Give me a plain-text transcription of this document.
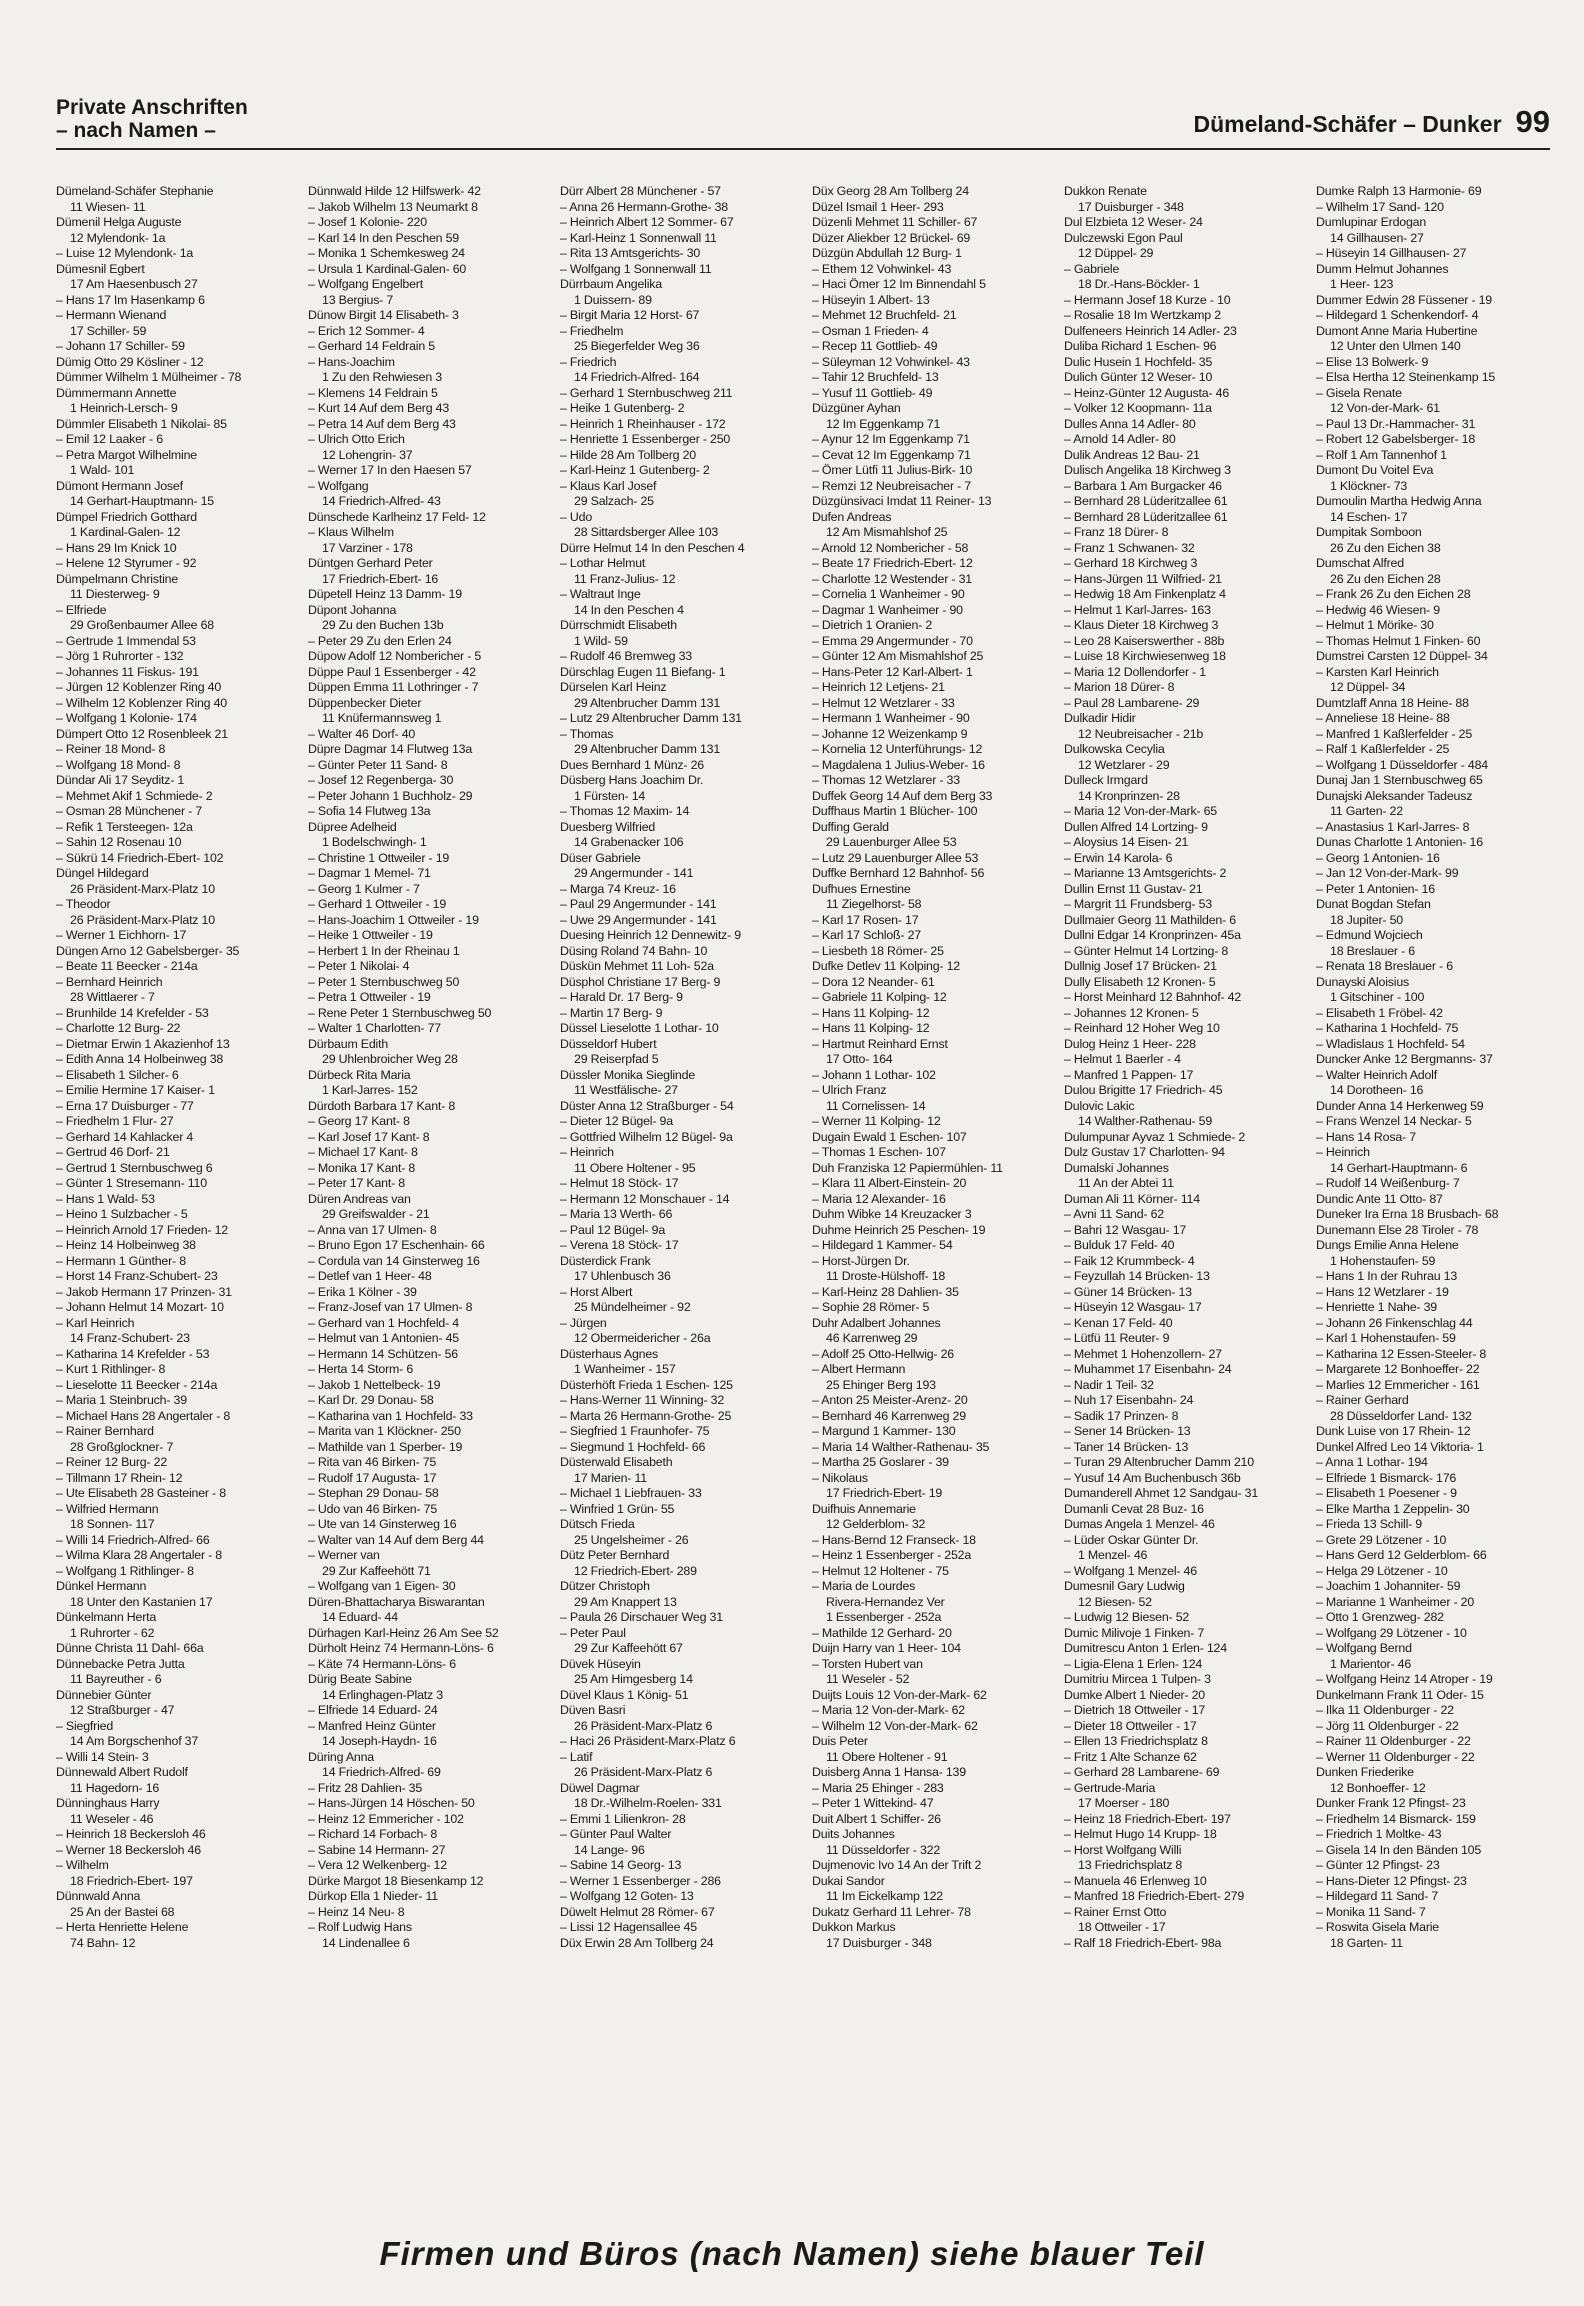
Private Anschriften
– nach Namen –	Dümeland-Schäfer – Dunker 99
Dümeland-Schäfer Stephanie
11 Wiesen- 11
Dümenil Helga Auguste
12 Mylendonk- 1a
– Luise 12 Mylendonk- 1a
Dümesnil Egbert
17 Am Haesenbusch 27
– Hans 17 Im Hasenkamp 6
– Hermann Wienand
17 Schiller- 59
– Johann 17 Schiller- 59
Dümig Otto 29 Kösliner - 12
Dümmer Wilhelm 1 Mülheimer - 78
Dümmermann Annette
1 Heinrich-Lersch- 9
Dümmler Elisabeth 1 Nikolai- 85
– Emil 12 Laaker - 6
– Petra Margot Wilhelmine
1 Wald- 101
Dümont Hermann Josef
14 Gerhart-Hauptmann- 15
Dümpel Friedrich Gotthard
1 Kardinal-Galen- 12
– Hans 29 Im Knick 10
– Helene 12 Styrumer - 92
Dümpelmann Christine
11 Diesterweg- 9
– Elfriede
29 Großenbaumer Allee 68
– Gertrude 1 Immendal 53
– Jörg 1 Ruhrorter - 132
– Johannes 11 Fiskus- 191
– Jürgen 12 Koblenzer Ring 40
– Wilhelm 12 Koblenzer Ring 40
– Wolfgang 1 Kolonie- 174
Dümpert Otto 12 Rosenbleek 21
– Reiner 18 Mond- 8
– Wolfgang 18 Mond- 8
Dündar Ali 17 Seyditz- 1
– Mehmet Akif 1 Schmiede- 2
– Osman 28 Münchener - 7
– Refik 1 Tersteegen- 12a
– Sahin 12 Rosenau 10
– Sükrü 14 Friedrich-Ebert- 102
Düngel Hildegard
26 Präsident-Marx-Platz 10
– Theodor
26 Präsident-Marx-Platz 10
– Werner 1 Eichhorn- 17
Düngen Arno 12 Gabelsberger- 35
– Beate 11 Beecker - 214a
– Bernhard Heinrich
28 Wittlaerer - 7
– Brunhilde 14 Krefelder - 53
– Charlotte 12 Burg- 22
– Dietmar Erwin 1 Akazienhof 13
– Edith Anna 14 Holbeinweg 38
– Elisabeth 1 Silcher- 6
– Emilie Hermine 17 Kaiser- 1
– Erna 17 Duisburger - 77
– Friedhelm 1 Flur- 27
– Gerhard 14 Kahlacker 4
– Gertrud 46 Dorf- 21
– Gertrud 1 Sternbuschweg 6
– Günter 1 Stresemann- 110
– Hans 1 Wald- 53
– Heino 1 Sulzbacher - 5
– Heinrich Arnold 17 Frieden- 12
– Heinz 14 Holbeinweg 38
– Hermann 1 Günther- 8
– Horst 14 Franz-Schubert- 23
– Jakob Hermann 17 Prinzen- 31
– Johann Helmut 14 Mozart- 10
– Karl Heinrich
14 Franz-Schubert- 23
– Katharina 14 Krefelder - 53
– Kurt 1 Rithlinger- 8
– Lieselotte 11 Beecker - 214a
– Maria 1 Steinbruch- 39
– Michael Hans 28 Angertaler - 8
– Rainer Bernhard
28 Großglockner- 7
– Reiner 12 Burg- 22
– Tillmann 17 Rhein- 12
– Ute Elisabeth 28 Gasteiner - 8
– Wilfried Hermann
18 Sonnen- 117
– Willi 14 Friedrich-Alfred- 66
– Wilma Klara 28 Angertaler - 8
– Wolfgang 1 Rithlinger- 8
Dünkel Hermann
18 Unter den Kastanien 17
Dünkelmann Herta
1 Ruhrorter - 62
Dünne Christa 11 Dahl- 66a
Dünnebacke Petra Jutta
11 Bayreuther - 6
Dünnebier Günter
12 Straßburger - 47
– Siegfried
14 Am Borgschenhof 37
– Willi 14 Stein- 3
Dünnewald Albert Rudolf
11 Hagedorn- 16
Dünninghaus Harry
11 Weseler - 46
– Heinrich 18 Beckersloh 46
– Werner 18 Beckersloh 46
– Wilhelm
18 Friedrich-Ebert- 197
Dünnwald Anna
25 An der Bastei 68
– Herta Henriette Helene
74 Bahn- 12
Dünnwald Hilde 12 Hilfswerk- 42
– Jakob Wilhelm 13 Neumarkt 8
– Josef 1 Kolonie- 220
– Karl 14 In den Peschen 59
– Monika 1 Schemkesweg 24
– Ursula 1 Kardinal-Galen- 60
– Wolfgang Engelbert
13 Bergius- 7
Dünow Birgit 14 Elisabeth- 3
– Erich 12 Sommer- 4
– Gerhard 14 Feldrain 5
– Hans-Joachim
1 Zu den Rehwiesen 3
– Klemens 14 Feldrain 5
– Kurt 14 Auf dem Berg 43
– Petra 14 Auf dem Berg 43
– Ulrich Otto Erich
12 Lohengrin- 37
– Werner 17 In den Haesen 57
– Wolfgang
14 Friedrich-Alfred- 43
Dünschede Karlheinz 17 Feld- 12
– Klaus Wilhelm
17 Varziner - 178
Düntgen Gerhard Peter
17 Friedrich-Ebert- 16
Düpetell Heinz 13 Damm- 19
Düpont Johanna
29 Zu den Buchen 13b
– Peter 29 Zu den Erlen 24
Düpow Adolf 12 Nombericher - 5
Düppe Paul 1 Essenberger - 42
Düppen Emma 11 Lothringer - 7
Düppenbecker Dieter
11 Knüfermannsweg 1
– Walter 46 Dorf- 40
Düpre Dagmar 14 Flutweg 13a
– Günter Peter 11 Sand- 8
– Josef 12 Regenberga- 30
– Peter Johann 1 Buchholz- 29
– Sofia 14 Flutweg 13a
Düpree Adelheid
1 Bodelschwingh- 1
– Christine 1 Ottweiler - 19
– Dagmar 1 Memel- 71
– Georg 1 Kulmer - 7
– Gerhard 1 Ottweiler - 19
– Hans-Joachim 1 Ottweiler - 19
– Heike 1 Ottweiler - 19
– Herbert 1 In der Rheinau 1
– Peter 1 Nikolai- 4
– Peter 1 Sternbuschweg 50
– Petra 1 Ottweiler - 19
– Rene Peter 1 Sternbuschweg 50
– Walter 1 Charlotten- 77
Dürbaum Edith
29 Uhlenbroicher Weg 28
Dürbeck Rita Maria
1 Karl-Jarres- 152
Dürdoth Barbara 17 Kant- 8
– Georg 17 Kant- 8
– Karl Josef 17 Kant- 8
– Michael 17 Kant- 8
– Monika 17 Kant- 8
– Peter 17 Kant- 8
Düren Andreas van
29 Greifswalder - 21
– Anna van 17 Ulmen- 8
– Bruno Egon 17 Eschenhain- 66
– Cordula van 14 Ginsterweg 16
– Detlef van 1 Heer- 48
– Erika 1 Kölner - 39
– Franz-Josef van 17 Ulmen- 8
– Gerhard van 1 Hochfeld- 4
– Helmut van 1 Antonien- 45
– Hermann 14 Schützen- 56
– Herta 14 Storm- 6
– Jakob 1 Nettelbeck- 19
– Karl Dr. 29 Donau- 58
– Katharina van 1 Hochfeld- 33
– Marita van 1 Klöckner- 250
– Mathilde van 1 Sperber- 19
– Rita van 46 Birken- 75
– Rudolf 17 Augusta- 17
– Stephan 29 Donau- 58
– Udo van 46 Birken- 75
– Ute van 14 Ginsterweg 16
– Walter van 14 Auf dem Berg 44
– Werner van
29 Zur Kaffeehött 71
– Wolfgang van 1 Eigen- 30
Düren-Bhattacharya Biswarantan
14 Eduard- 44
Dürhagen Karl-Heinz 26 Am See 52
Dürholt Heinz 74 Hermann-Löns- 6
– Käte 74 Hermann-Löns- 6
Dürig Beate Sabine
14 Erlinghagen-Platz 3
– Elfriede 14 Eduard- 24
– Manfred Heinz Günter
14 Joseph-Haydn- 16
Düring Anna
14 Friedrich-Alfred- 69
– Fritz 28 Dahlien- 35
– Hans-Jürgen 14 Höschen- 50
– Heinz 12 Emmericher - 102
– Richard 14 Forbach- 8
– Sabine 14 Hermann- 27
– Vera 12 Welkenberg- 12
Dürke Margot 18 Biesenkamp 12
Dürkop Ella 1 Nieder- 11
– Heinz 14 Neu- 8
– Rolf Ludwig Hans
14 Lindenallee 6
Dürr Albert 28 Münchener - 57
– Anna 26 Hermann-Grothe- 38
– Heinrich Albert 12 Sommer- 67
– Karl-Heinz 1 Sonnenwall 11
– Rita 13 Amtsgerichts- 30
– Wolfgang 1 Sonnenwall 11
Dürrbaum Angelika
1 Duissern- 89
– Birgit Maria 12 Horst- 67
– Friedhelm
25 Biegerfelder Weg 36
– Friedrich
14 Friedrich-Alfred- 164
– Gerhard 1 Sternbuschweg 211
– Heike 1 Gutenberg- 2
– Heinrich 1 Rheinhauser - 172
– Henriette 1 Essenberger - 250
– Hilde 28 Am Tollberg 20
– Karl-Heinz 1 Gutenberg- 2
– Klaus Karl Josef
29 Salzach- 25
– Udo
28 Sittardsberger Allee 103
Dürre Helmut 14 In den Peschen 4
– Lothar Helmut
11 Franz-Julius- 12
– Waltraut Inge
14 In den Peschen 4
Dürrschmidt Elisabeth
1 Wild- 59
– Rudolf 46 Bremweg 33
Dürschlag Eugen 11 Biefang- 1
Dürselen Karl Heinz
29 Altenbrucher Damm 131
– Lutz 29 Altenbrucher Damm 131
– Thomas
29 Altenbrucher Damm 131
Dues Bernhard 1 Münz- 26
Düsberg Hans Joachim Dr.
1 Fürsten- 14
– Thomas 12 Maxim- 14
Duesberg Wilfried
14 Grabenacker 106
Düser Gabriele
29 Angermunder - 141
– Marga 74 Kreuz- 16
– Paul 29 Angermunder - 141
– Uwe 29 Angermunder - 141
Duesing Heinrich 12 Dennewitz- 9
Düsing Roland 74 Bahn- 10
Düskün Mehmet 11 Loh- 52a
Düsphol Christiane 17 Berg- 9
– Harald Dr. 17 Berg- 9
– Martin 17 Berg- 9
Düssel Lieselotte 1 Lothar- 10
Düsseldorf Hubert
29 Reiserpfad 5
Düssler Monika Sieglinde
11 Westfälische- 27
Düster Anna 12 Straßburger - 54
– Dieter 12 Bügel- 9a
– Gottfried Wilhelm 12 Bügel- 9a
– Heinrich
11 Obere Holtener - 95
– Helmut 18 Stöck- 17
– Hermann 12 Monschauer - 14
– Maria 13 Werth- 66
– Paul 12 Bügel- 9a
– Verena 18 Stöck- 17
Düsterdick Frank
17 Uhlenbusch 36
– Horst Albert
25 Mündelheimer - 92
– Jürgen
12 Obermeidericher - 26a
Düsterhaus Agnes
1 Wanheimer - 157
Düsterhöft Frieda 1 Eschen- 125
– Hans-Werner 11 Winning- 32
– Marta 26 Hermann-Grothe- 25
– Siegfried 1 Fraunhofer- 75
– Siegmund 1 Hochfeld- 66
Düsterwald Elisabeth
17 Marien- 11
– Michael 1 Liebfrauen- 33
– Winfried 1 Grün- 55
Dütsch Frieda
25 Ungelsheimer - 26
Dütz Peter Bernhard
12 Friedrich-Ebert- 289
Dützer Christoph
29 Am Knappert 13
– Paula 26 Dirschauer Weg 31
– Peter Paul
29 Zur Kaffeehött 67
Düvek Hüseyin
25 Am Himgesberg 14
Düvel Klaus 1 König- 51
Düven Basri
26 Präsident-Marx-Platz 6
– Haci 26 Präsident-Marx-Platz 6
– Latif
26 Präsident-Marx-Platz 6
Düwel Dagmar
18 Dr.-Wilhelm-Roelen- 331
– Emmi 1 Lilienkron- 28
– Günter Paul Walter
14 Lange- 96
– Sabine 14 Georg- 13
– Werner 1 Essenberger - 286
– Wolfgang 12 Goten- 13
Düwelt Helmut 28 Römer- 67
– Lissi 12 Hagensallee 45
Düx Erwin 28 Am Tollberg 24
Düx Georg 28 Am Tollberg 24
Düzel Ismail 1 Heer- 293
Düzenli Mehmet 11 Schiller- 67
Düzer Aliekber 12 Brückel- 69
Düzgün Abdullah 12 Burg- 1
– Ethem 12 Vohwinkel- 43
– Haci Ömer 12 Im Binnendahl 5
– Hüseyin 1 Albert- 13
– Mehmet 12 Bruchfeld- 21
– Osman 1 Frieden- 4
– Recep 11 Gottlieb- 49
– Süleyman 12 Vohwinkel- 43
– Tahir 12 Bruchfeld- 13
– Yusuf 11 Gottlieb- 49
Düzgüner Ayhan
12 Im Eggenkamp 71
– Aynur 12 Im Eggenkamp 71
– Cevat 12 Im Eggenkamp 71
– Ömer Lütfi 11 Julius-Birk- 10
– Remzi 12 Neubreisacher - 7
Düzgünsivaci Imdat 11 Reiner- 13
Dufen Andreas
12 Am Mismahlshof 25
– Arnold 12 Nombericher - 58
– Beate 17 Friedrich-Ebert- 12
– Charlotte 12 Westender - 31
– Cornelia 1 Wanheimer - 90
– Dagmar 1 Wanheimer - 90
– Dietrich 1 Oranien- 2
– Emma 29 Angermunder - 70
– Günter 12 Am Mismahlshof 25
– Hans-Peter 12 Karl-Albert- 1
– Heinrich 12 Letjens- 21
– Helmut 12 Wetzlarer - 33
– Hermann 1 Wanheimer - 90
– Johanne 12 Weizenkamp 9
– Kornelia 12 Unterführungs- 12
– Magdalena 1 Julius-Weber- 16
– Thomas 12 Wetzlarer - 33
Duffek Georg 14 Auf dem Berg 33
Duffhaus Martin 1 Blücher- 100
Duffing Gerald
29 Lauenburger Allee 53
– Lutz 29 Lauenburger Allee 53
Duffke Bernhard 12 Bahnhof- 56
Dufhues Ernestine
11 Ziegelhorst- 58
– Karl 17 Rosen- 17
– Karl 17 Schloß- 27
– Liesbeth 18 Römer- 25
Dufke Detlev 11 Kolping- 12
– Dora 12 Neander- 61
– Gabriele 11 Kolping- 12
– Hans 11 Kolping- 12
– Hans 11 Kolping- 12
– Hartmut Reinhard Ernst
17 Otto- 164
– Johann 1 Lothar- 102
– Ulrich Franz
11 Cornelissen- 14
– Werner 11 Kolping- 12
Dugain Ewald 1 Eschen- 107
– Thomas 1 Eschen- 107
Duh Franziska 12 Papiermühlen- 11
– Klara 11 Albert-Einstein- 20
– Maria 12 Alexander- 16
Duhm Wibke 14 Kreuzacker 3
Duhme Heinrich 25 Peschen- 19
– Hildegard 1 Kammer- 54
– Horst-Jürgen Dr.
11 Droste-Hülshoff- 18
– Karl-Heinz 28 Dahlien- 35
– Sophie 28 Römer- 5
Duhr Adalbert Johannes
46 Karrenweg 29
– Adolf 25 Otto-Hellwig- 26
– Albert Hermann
25 Ehinger Berg 193
– Anton 25 Meister-Arenz- 20
– Bernhard 46 Karrenweg 29
– Margund 1 Kammer- 130
– Maria 14 Walther-Rathenau- 35
– Martha 25 Goslarer - 39
– Nikolaus
17 Friedrich-Ebert- 19
Duifhuis Annemarie
12 Gelderblom- 32
– Hans-Bernd 12 Franseck- 18
– Heinz 1 Essenberger - 252a
– Helmut 12 Holtener - 75
– Maria de Lourdes
Rivera-Hernandez Ver
1 Essenberger - 252a
– Mathilde 12 Gerhard- 20
Duijn Harry van 1 Heer- 104
– Torsten Hubert van
11 Weseler - 52
Duijts Louis 12 Von-der-Mark- 62
– Maria 12 Von-der-Mark- 62
– Wilhelm 12 Von-der-Mark- 62
Duis Peter
11 Obere Holtener - 91
Duisberg Anna 1 Hansa- 139
– Maria 25 Ehinger - 283
– Peter 1 Wittekind- 47
Duit Albert 1 Schiffer- 26
Duits Johannes
11 Düsseldorfer - 322
Dujmenovic Ivo 14 An der Trift 2
Dukai Sandor
11 Im Eickelkamp 122
Dukatz Gerhard 11 Lehrer- 78
Dukkon Markus
17 Duisburger - 348
Dukkon Renate
17 Duisburger - 348
Dul Elzbieta 12 Weser- 24
Dulczewski Egon Paul
12 Düppel- 29
– Gabriele
18 Dr.-Hans-Böckler- 1
– Hermann Josef 18 Kurze - 10
– Rosalie 18 Im Wertzkamp 2
Dulfeneers Heinrich 14 Adler- 23
Duliba Richard 1 Eschen- 96
Dulic Husein 1 Hochfeld- 35
Dulich Günter 12 Weser- 10
– Heinz-Günter 12 Augusta- 46
– Volker 12 Koopmann- 11a
Dulles Anna 14 Adler- 80
– Arnold 14 Adler- 80
Dulik Andreas 12 Bau- 21
Dulisch Angelika 18 Kirchweg 3
– Barbara 1 Am Burgacker 46
– Bernhard 28 Lüderitzallee 61
– Bernhard 28 Lüderitzallee 61
– Franz 18 Dürer- 8
– Franz 1 Schwanen- 32
– Gerhard 18 Kirchweg 3
– Hans-Jürgen 11 Wilfried- 21
– Hedwig 18 Am Finkenplatz 4
– Helmut 1 Karl-Jarres- 163
– Klaus Dieter 18 Kirchweg 3
– Leo 28 Kaiserswerther - 88b
– Luise 18 Kirchwiesenweg 18
– Maria 12 Dollendorfer - 1
– Marion 18 Dürer- 8
– Paul 28 Lambarene- 29
Dulkadir Hidir
12 Neubreisacher - 21b
Dulkowska Cecylia
12 Wetzlarer - 29
Dulleck Irmgard
14 Kronprinzen- 28
– Maria 12 Von-der-Mark- 65
Dullen Alfred 14 Lortzing- 9
– Aloysius 14 Eisen- 21
– Erwin 14 Karola- 6
– Marianne 13 Amtsgerichts- 2
Dullin Ernst 11 Gustav- 21
– Margrit 11 Frundsberg- 53
Dullmaier Georg 11 Mathilden- 6
Dullni Edgar 14 Kronprinzen- 45a
– Günter Helmut 14 Lortzing- 8
Dullnig Josef 17 Brücken- 21
Dully Elisabeth 12 Kronen- 5
– Horst Meinhard 12 Bahnhof- 42
– Johannes 12 Kronen- 5
– Reinhard 12 Hoher Weg 10
Dulog Heinz 1 Heer- 228
– Helmut 1 Baerler - 4
– Manfred 1 Pappen- 17
Dulou Brigitte 17 Friedrich- 45
Dulovic Lakic
14 Walther-Rathenau- 59
Dulumpunar Ayvaz 1 Schmiede- 2
Dulz Gustav 17 Charlotten- 94
Dumalski Johannes
11 An der Abtei 11
Duman Ali 11 Körner- 114
– Avni 11 Sand- 62
– Bahri 12 Wasgau- 17
– Bulduk 17 Feld- 40
– Faik 12 Krummbeck- 4
– Feyzullah 14 Brücken- 13
– Güner 14 Brücken- 13
– Hüseyin 12 Wasgau- 17
– Kenan 17 Feld- 40
– Lütfü 11 Reuter- 9
– Mehmet 1 Hohenzollern- 27
– Muhammet 17 Eisenbahn- 24
– Nadir 1 Teil- 32
– Nuh 17 Eisenbahn- 24
– Sadik 17 Prinzen- 8
– Sener 14 Brücken- 13
– Taner 14 Brücken- 13
– Turan 29 Altenbrucher Damm 210
– Yusuf 14 Am Buchenbusch 36b
Dumanderell Ahmet 12 Sandgau- 31
Dumanli Cevat 28 Buz- 16
Dumas Angela 1 Menzel- 46
– Lüder Oskar Günter Dr.
1 Menzel- 46
– Wolfgang 1 Menzel- 46
Dumesnil Gary Ludwig
12 Biesen- 52
– Ludwig 12 Biesen- 52
Dumic Milivoje 1 Finken- 7
Dumitrescu Anton 1 Erlen- 124
– Ligia-Elena 1 Erlen- 124
Dumitriu Mircea 1 Tulpen- 3
Dumke Albert 1 Nieder- 20
– Dietrich 18 Ottweiler - 17
– Dieter 18 Ottweiler - 17
– Ellen 13 Friedrichsplatz 8
– Fritz 1 Alte Schanze 62
– Gerhard 28 Lambarene- 69
– Gertrude-Maria
17 Moerser - 180
– Heinz 18 Friedrich-Ebert- 197
– Helmut Hugo 14 Krupp- 18
– Horst Wolfgang Willi
13 Friedrichsplatz 8
– Manuela 46 Erlenweg 10
– Manfred 18 Friedrich-Ebert- 279
– Rainer Ernst Otto
18 Ottweiler - 17
– Ralf 18 Friedrich-Ebert- 98a
Dumke Ralph 13 Harmonie- 69
– Wilhelm 17 Sand- 120
Dumlupinar Erdogan
14 Gillhausen- 27
– Hüseyin 14 Gillhausen- 27
Dumm Helmut Johannes
1 Heer- 123
Dummer Edwin 28 Füssener - 19
– Hildegard 1 Schenkendorf- 4
Dumont Anne Maria Hubertine
12 Unter den Ulmen 140
– Elise 13 Bolwerk- 9
– Elsa Hertha 12 Steinenkamp 15
– Gisela Renate
12 Von-der-Mark- 61
– Paul 13 Dr.-Hammacher- 31
– Robert 12 Gabelsberger- 18
– Rolf 1 Am Tannenhof 1
Dumont Du Voitel Eva
1 Klöckner- 73
Dumoulin Martha Hedwig Anna
14 Eschen- 17
Dumpitak Somboon
26 Zu den Eichen 38
Dumschat Alfred
26 Zu den Eichen 28
– Frank 26 Zu den Eichen 28
– Hedwig 46 Wiesen- 9
– Helmut 1 Mörike- 30
– Thomas Helmut 1 Finken- 60
Dumstrei Carsten 12 Düppel- 34
– Karsten Karl Heinrich
12 Düppel- 34
Dumtzlaff Anna 18 Heine- 88
– Anneliese 18 Heine- 88
– Manfred 1 Kaßlerfelder - 25
– Ralf 1 Kaßlerfelder - 25
– Wolfgang 1 Düsseldorfer - 484
Dunaj Jan 1 Sternbuschweg 65
Dunajski Aleksander Tadeusz
11 Garten- 22
– Anastasius 1 Karl-Jarres- 8
Dunas Charlotte 1 Antonien- 16
– Georg 1 Antonien- 16
– Jan 12 Von-der-Mark- 99
– Peter 1 Antonien- 16
Dunat Bogdan Stefan
18 Jupiter- 50
– Edmund Wojciech
18 Breslauer - 6
– Renata 18 Breslauer - 6
Dunayski Aloisius
1 Gitschiner - 100
– Elisabeth 1 Fröbel- 42
– Katharina 1 Hochfeld- 75
– Wladislaus 1 Hochfeld- 54
Duncker Anke 12 Bergmanns- 37
– Walter Heinrich Adolf
14 Dorotheen- 16
Dunder Anna 14 Herkenweg 59
– Frans Wenzel 14 Neckar- 5
– Hans 14 Rosa- 7
– Heinrich
14 Gerhart-Hauptmann- 6
– Rudolf 14 Weißenburg- 7
Dundic Ante 11 Otto- 87
Duneker Ira Erna 18 Brusbach- 68
Dunemann Else 28 Tiroler - 78
Dungs Emilie Anna Helene
1 Hohenstaufen- 59
– Hans 1 In der Ruhrau 13
– Hans 12 Wetzlarer - 19
– Henriette 1 Nahe- 39
– Johann 26 Finkenschlag 44
– Karl 1 Hohenstaufen- 59
– Katharina 12 Essen-Steeler- 8
– Margarete 12 Bonhoeffer- 22
– Marlies 12 Emmericher - 161
– Rainer Gerhard
28 Düsseldorfer Land- 132
Dunk Luise von 17 Rhein- 12
Dunkel Alfred Leo 14 Viktoria- 1
– Anna 1 Lothar- 194
– Elfriede 1 Bismarck- 176
– Elisabeth 1 Poesener - 9
– Elke Martha 1 Zeppelin- 30
– Frieda 13 Schill- 9
– Grete 29 Lötzener - 10
– Hans Gerd 12 Gelderblom- 66
– Helga 29 Lötzener - 10
– Joachim 1 Johanniter- 59
– Marianne 1 Wanheimer - 20
– Otto 1 Grenzweg- 282
– Wolfgang 29 Lötzener - 10
– Wolfgang Bernd
1 Marientor- 46
– Wolfgang Heinz 14 Atroper - 19
Dunkelmann Frank 11 Oder- 15
– Ilka 11 Oldenburger - 22
– Jörg 11 Oldenburger - 22
– Rainer 11 Oldenburger - 22
– Werner 11 Oldenburger - 22
Dunken Friederike
12 Bonhoeffer- 12
Dunker Frank 12 Pfingst- 23
– Friedhelm 14 Bismarck- 159
– Friedrich 1 Moltke- 43
– Gisela 14 In den Bänden 105
– Günter 12 Pfingst- 23
– Hans-Dieter 12 Pfingst- 23
– Hildegard 11 Sand- 7
– Monika 11 Sand- 7
– Roswita Gisela Marie
18 Garten- 11
Firmen und Büros (nach Namen) siehe blauer Teil
